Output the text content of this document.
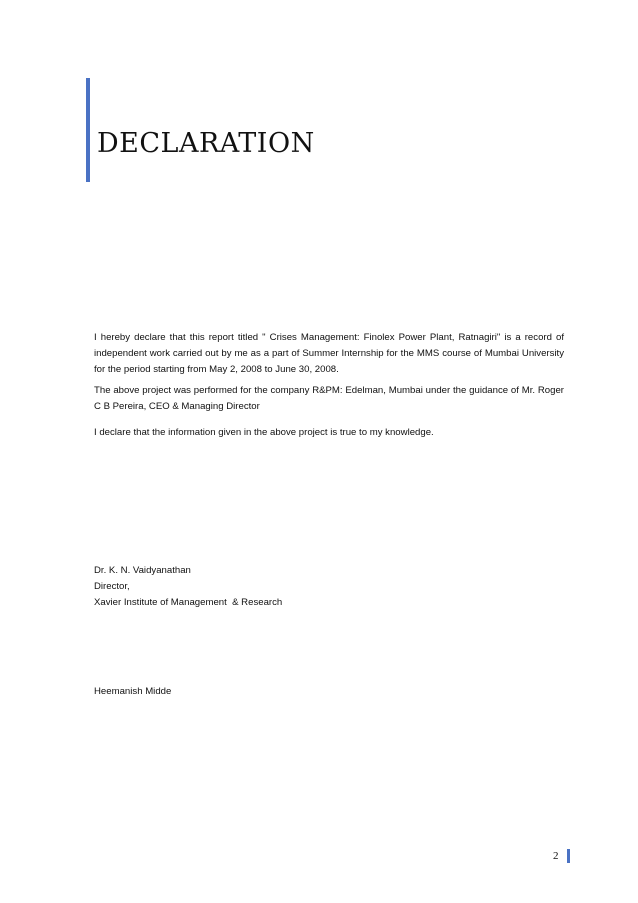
DECLARATION

I hereby declare that this report titled " Crises Management: Finolex Power Plant, Ratnagiri" is a record of independent work carried out by me as a part of Summer Internship for the MMS course of Mumbai University for the period starting from May 2, 2008 to June 30, 2008.

The above project was performed for the company R&PM: Edelman, Mumbai under the guidance of Mr. Roger C B Pereira, CEO & Managing Director

I declare that the information given in the above project is true to my knowledge.

Dr. K. N. Vaidyanathan
Director,
Xavier Institute of Management  & Research
Heemanish Midde
2
